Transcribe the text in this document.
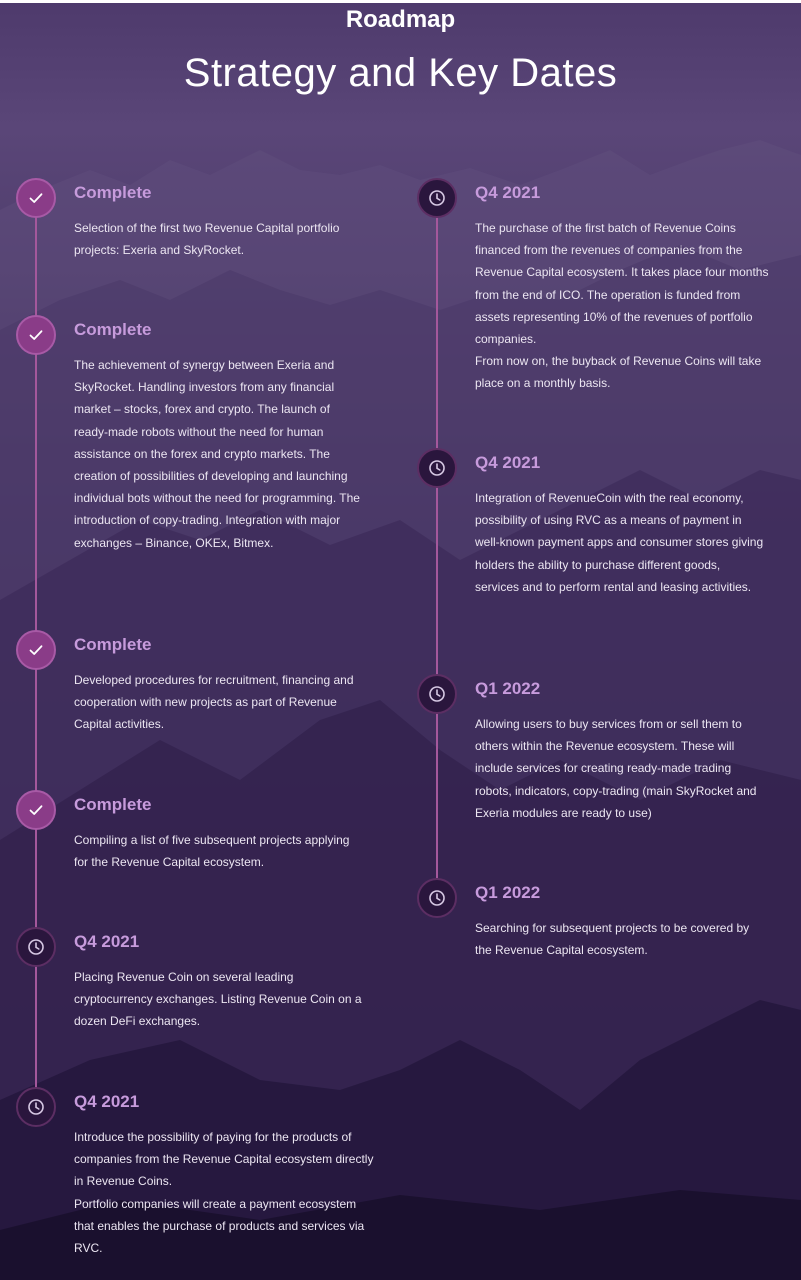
Roadmap
Strategy and Key Dates
Complete

Selection of the first two Revenue Capital portfolio projects: Exeria and SkyRocket.

Complete

The achievement of synergy between Exeria and SkyRocket. Handling investors from any financial market – stocks, forex and crypto. The launch of ready-made robots without the need for human assistance on the forex and crypto markets. The creation of possibilities of developing and launching individual bots without the need for programming. The introduction of copy-trading. Integration with major exchanges – Binance, OKEx, Bitmex.

Complete

Developed procedures for recruitment, financing and cooperation with new projects as part of Revenue Capital activities.

Complete

Compiling a list of five subsequent projects applying for the Revenue Capital ecosystem.

Q4 2021

Placing Revenue Coin on several leading cryptocurrency exchanges. Listing Revenue Coin on a dozen DeFi exchanges.

Q4 2021

Introduce the possibility of paying for the products of companies from the Revenue Capital ecosystem directly in Revenue Coins.

Portfolio companies will create a payment ecosystem that enables the purchase of products and services via RVC.

Q4 2021

The purchase of the first batch of Revenue Coins financed from the revenues of companies from the Revenue Capital ecosystem. It takes place four months from the end of ICO. The operation is funded from assets representing 10% of the revenues of portfolio companies.

From now on, the buyback of Revenue Coins will take place on a monthly basis.

Q4 2021

Integration of RevenueCoin with the real economy, possibility of using RVC as a means of payment in well-known payment apps and consumer stores giving holders the ability to purchase different goods, services and to perform rental and leasing activities.

Q1 2022

Allowing users to buy services from or sell them to others within the Revenue ecosystem. These will include services for creating ready-made trading robots, indicators, copy-trading (main SkyRocket and Exeria modules are ready to use)

Q1 2022

Searching for subsequent projects to be covered by the Revenue Capital ecosystem.
